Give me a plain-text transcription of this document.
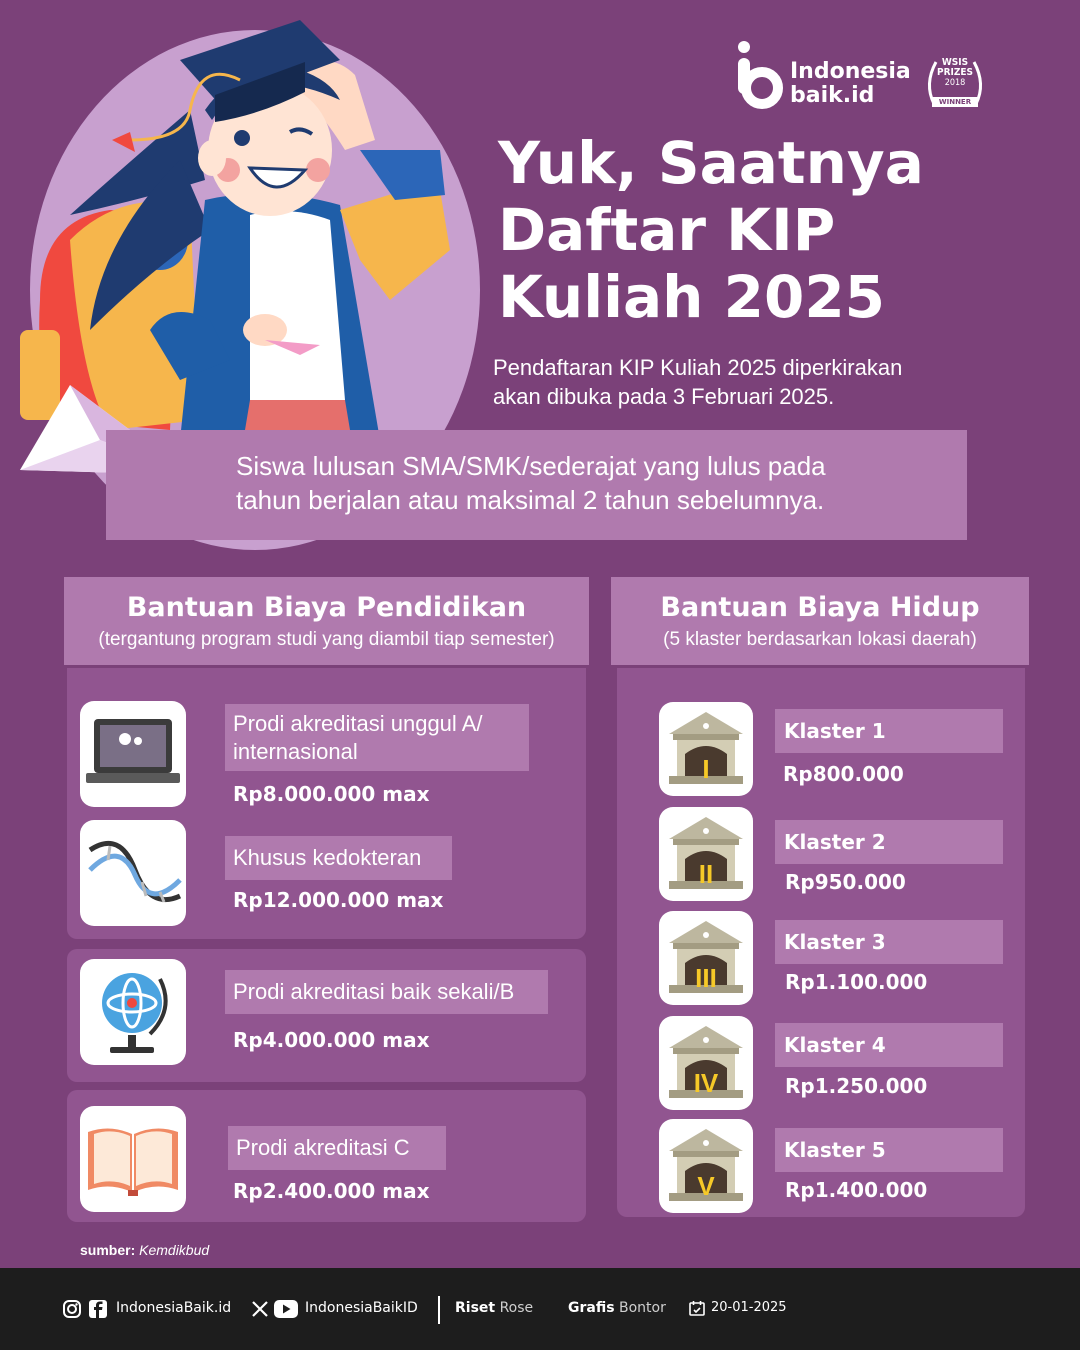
Indonesia
baik.id
WSIS
PRIZES
2018
WINNER
Yuk, Saatnya
Daftar KIP
Kuliah 2025
Pendaftaran KIP Kuliah 2025 diperkirakan
akan dibuka pada 3 Februari 2025.
Siswa lulusan SMA/SMK/sederajat yang lulus pada
tahun berjalan atau maksimal 2 tahun sebelumnya.
Bantuan Biaya Pendidikan

(tergantung program studi yang diambil tiap semester)

Prodi akreditasi unggul A/
internasional
Rp8.000.000 max
Khusus kedokteran
Rp12.000.000 max
Prodi akreditasi baik sekali/B
Rp4.000.000 max
Prodi akreditasi C
Rp2.400.000 max
Bantuan Biaya Hidup

(5 klaster berdasarkan lokasi daerah)

I
Klaster 1
Rp800.000
II
Klaster 2
Rp950.000
III
Klaster 3
Rp1.100.000
IV
Klaster 4
Rp1.250.000
V
Klaster 5
Rp1.400.000
sumber: Kemdikbud
IndonesiaBaik.id	IndonesiaBaikID	Riset Rose Grafis Bontor	20-01-2025
